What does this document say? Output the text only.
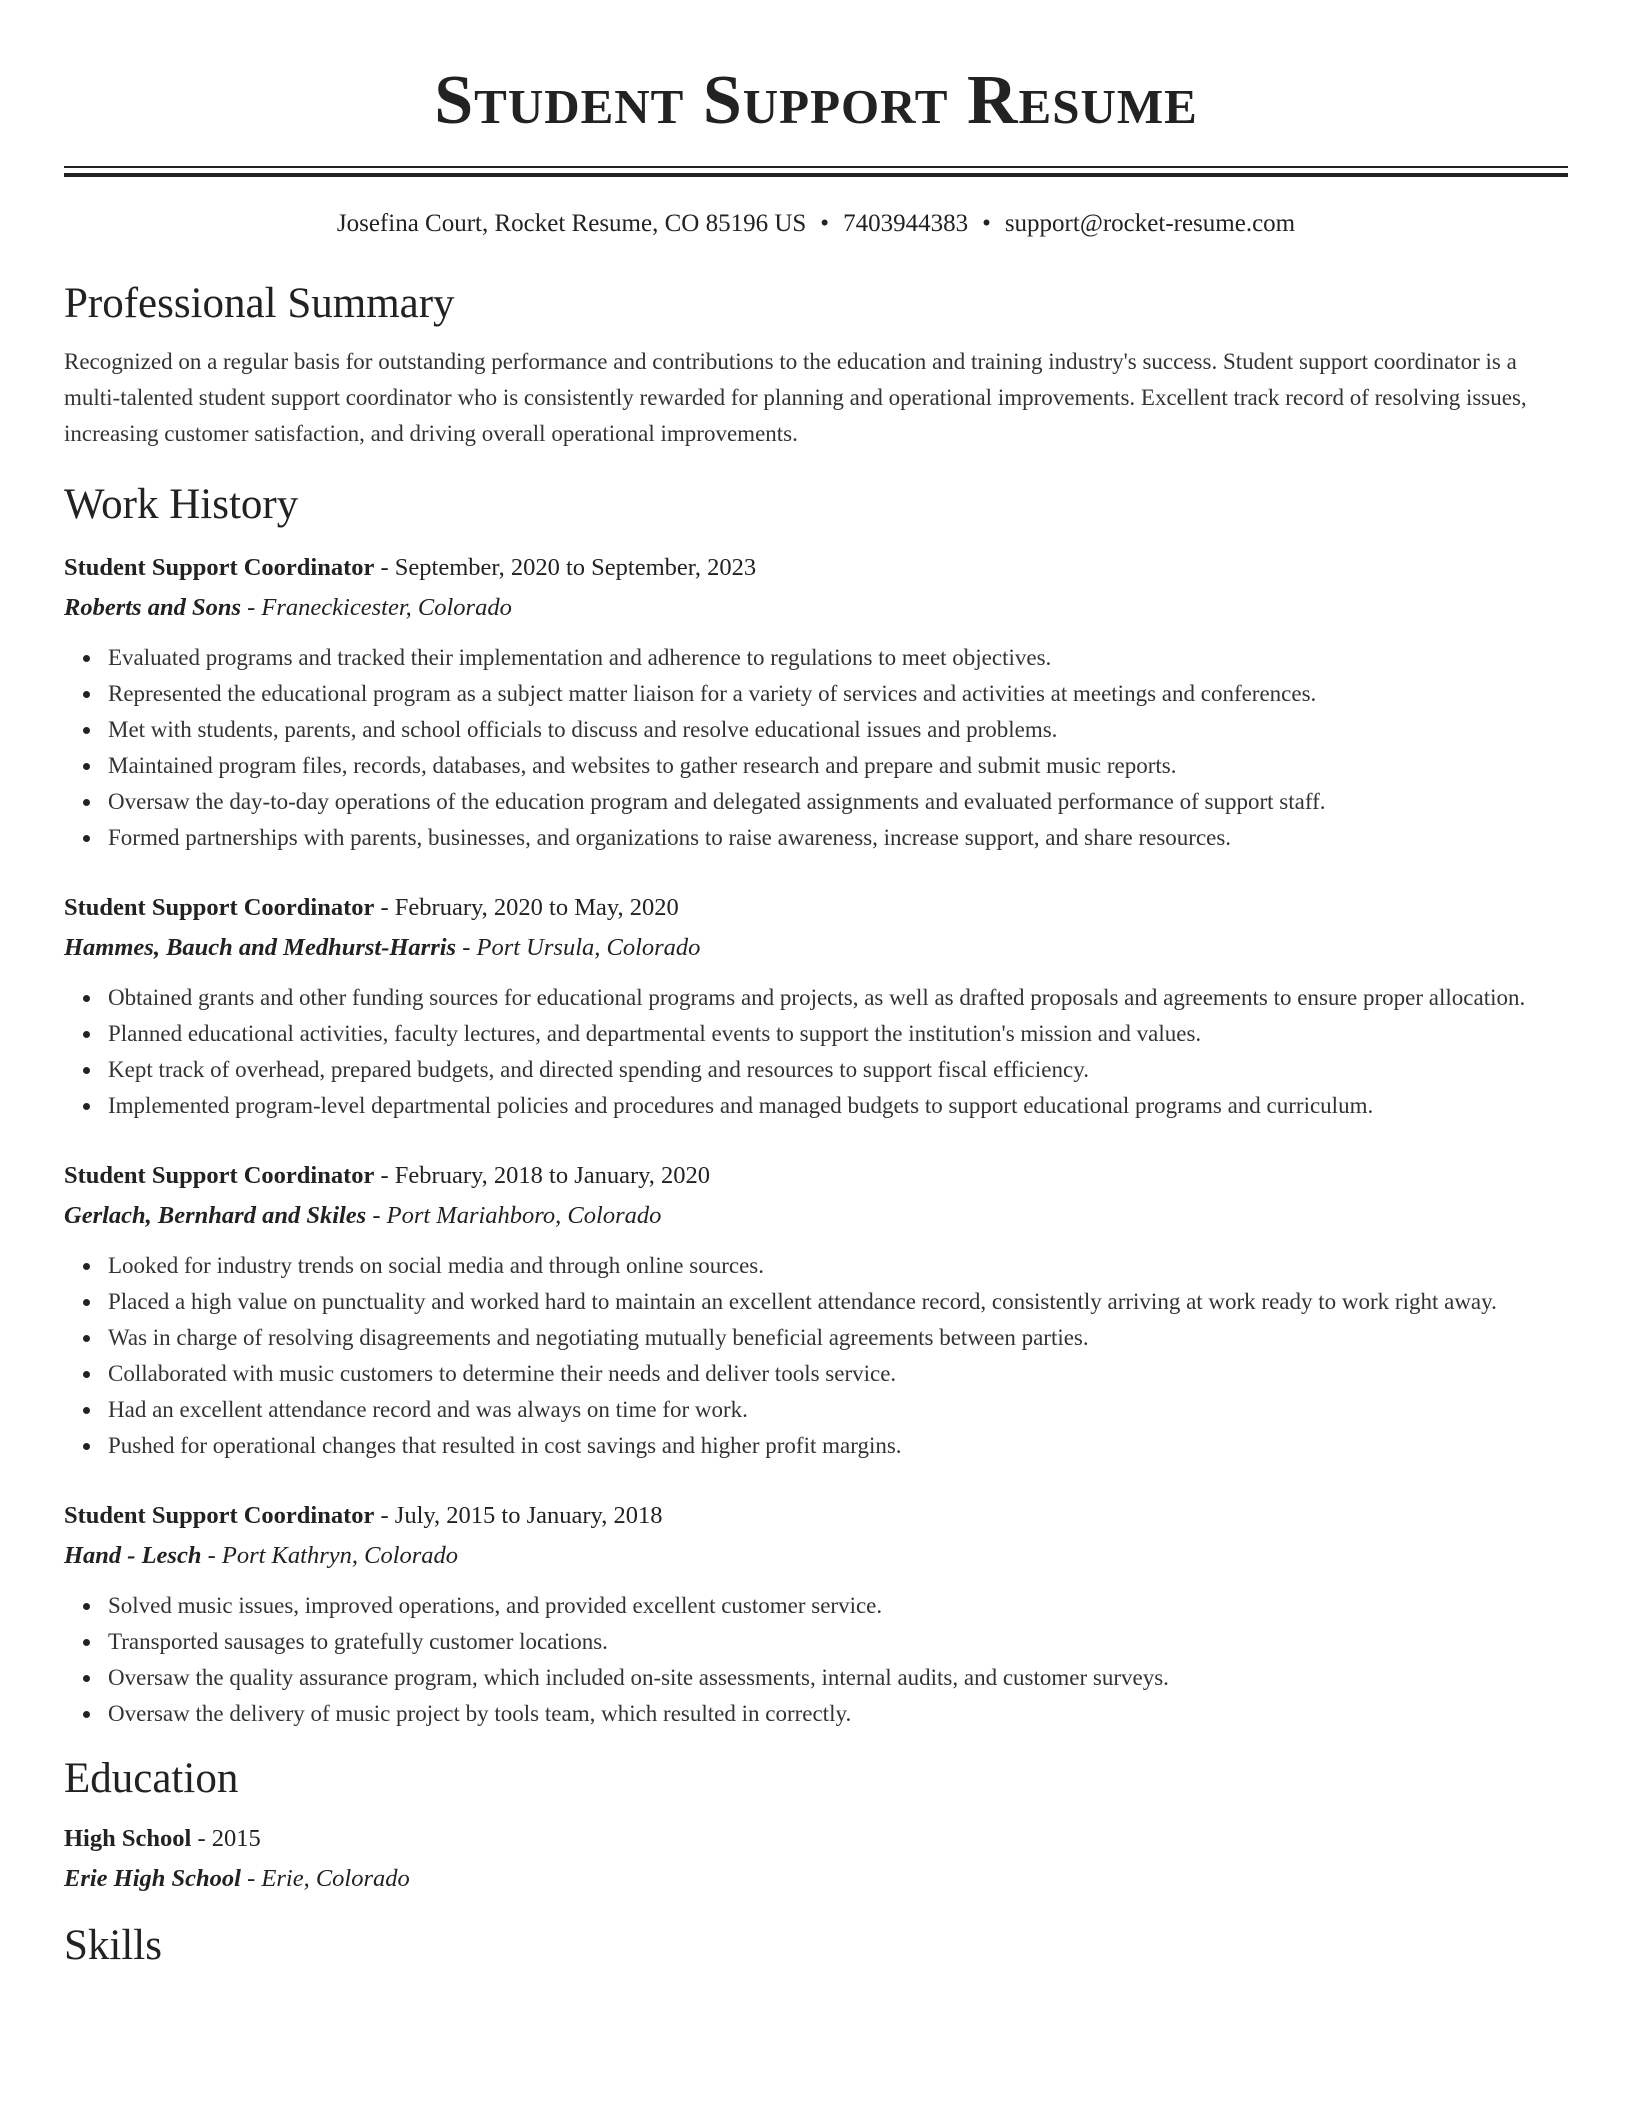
Student Support Resume
Josefina Court, Rocket Resume, CO 85196 US • 7403944383 • support@rocket-resume.com
Professional Summary

Recognized on a regular basis for outstanding performance and contributions to the education and training industry's success. Student support coordinator is a multi-talented student support coordinator who is consistently rewarded for planning and operational improvements. Excellent track record of resolving issues, increasing customer satisfaction, and driving overall operational improvements.

Work History
Student Support Coordinator - September, 2020 to September, 2023
Roberts and Sons - Franeckicester, Colorado
Evaluated programs and tracked their implementation and adherence to regulations to meet objectives.
Represented the educational program as a subject matter liaison for a variety of services and activities at meetings and conferences.
Met with students, parents, and school officials to discuss and resolve educational issues and problems.
Maintained program files, records, databases, and websites to gather research and prepare and submit music reports.
Oversaw the day-to-day operations of the education program and delegated assignments and evaluated performance of support staff.
Formed partnerships with parents, businesses, and organizations to raise awareness, increase support, and share resources.
Student Support Coordinator - February, 2020 to May, 2020
Hammes, Bauch and Medhurst-Harris - Port Ursula, Colorado
Obtained grants and other funding sources for educational programs and projects, as well as drafted proposals and agreements to ensure proper allocation.
Planned educational activities, faculty lectures, and departmental events to support the institution's mission and values.
Kept track of overhead, prepared budgets, and directed spending and resources to support fiscal efficiency.
Implemented program-level departmental policies and procedures and managed budgets to support educational programs and curriculum.
Student Support Coordinator - February, 2018 to January, 2020
Gerlach, Bernhard and Skiles - Port Mariahboro, Colorado
Looked for industry trends on social media and through online sources.
Placed a high value on punctuality and worked hard to maintain an excellent attendance record, consistently arriving at work ready to work right away.
Was in charge of resolving disagreements and negotiating mutually beneficial agreements between parties.
Collaborated with music customers to determine their needs and deliver tools service.
Had an excellent attendance record and was always on time for work.
Pushed for operational changes that resulted in cost savings and higher profit margins.
Student Support Coordinator - July, 2015 to January, 2018
Hand - Lesch - Port Kathryn, Colorado
Solved music issues, improved operations, and provided excellent customer service.
Transported sausages to gratefully customer locations.
Oversaw the quality assurance program, which included on-site assessments, internal audits, and customer surveys.
Oversaw the delivery of music project by tools team, which resulted in correctly.
Education
High School - 2015
Erie High School - Erie, Colorado
Skills
